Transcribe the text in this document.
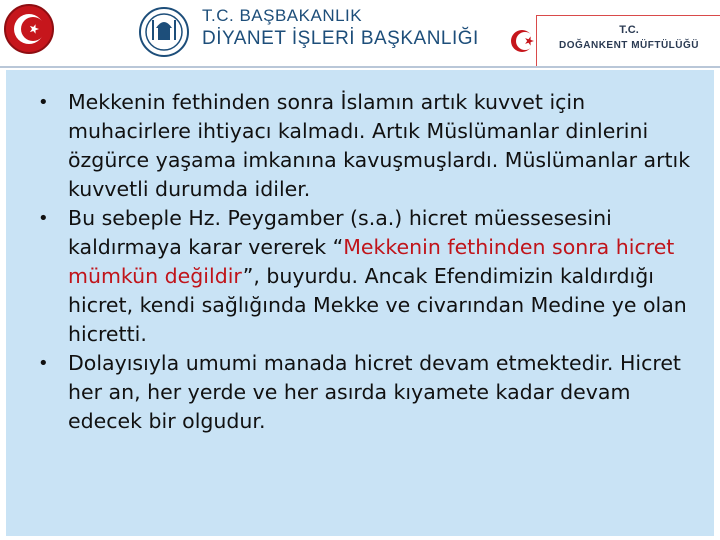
T.C. BAŞBAKANLIK
DİYANET İŞLERİ BAŞKANLIĞI	T.C.
DOĞANKENT MÜFTÜLÜĞÜ
• Mekkenin fethinden sonra İslamın artık kuvvet için muhacirlere ihtiyacı kalmadı. Artık Müslümanlar dinlerini özgürce yaşama imkanına kavuşmuşlardı. Müslümanlar artık kuvvetli durumda idiler.
• Bu sebeple Hz. Peygamber (s.a.) hicret müessesesini kaldırmaya karar vererek “Mekkenin fethinden sonra hicret mümkün değildir”, buyurdu. Ancak Efendimizin kaldırdığı hicret, kendi sağlığında Mekke ve civarından Medine ye olan hicretti.
• Dolayısıyla umumi manada hicret devam etmektedir. Hicret her an, her yerde ve her asırda kıyamete kadar devam edecek bir olgudur.
